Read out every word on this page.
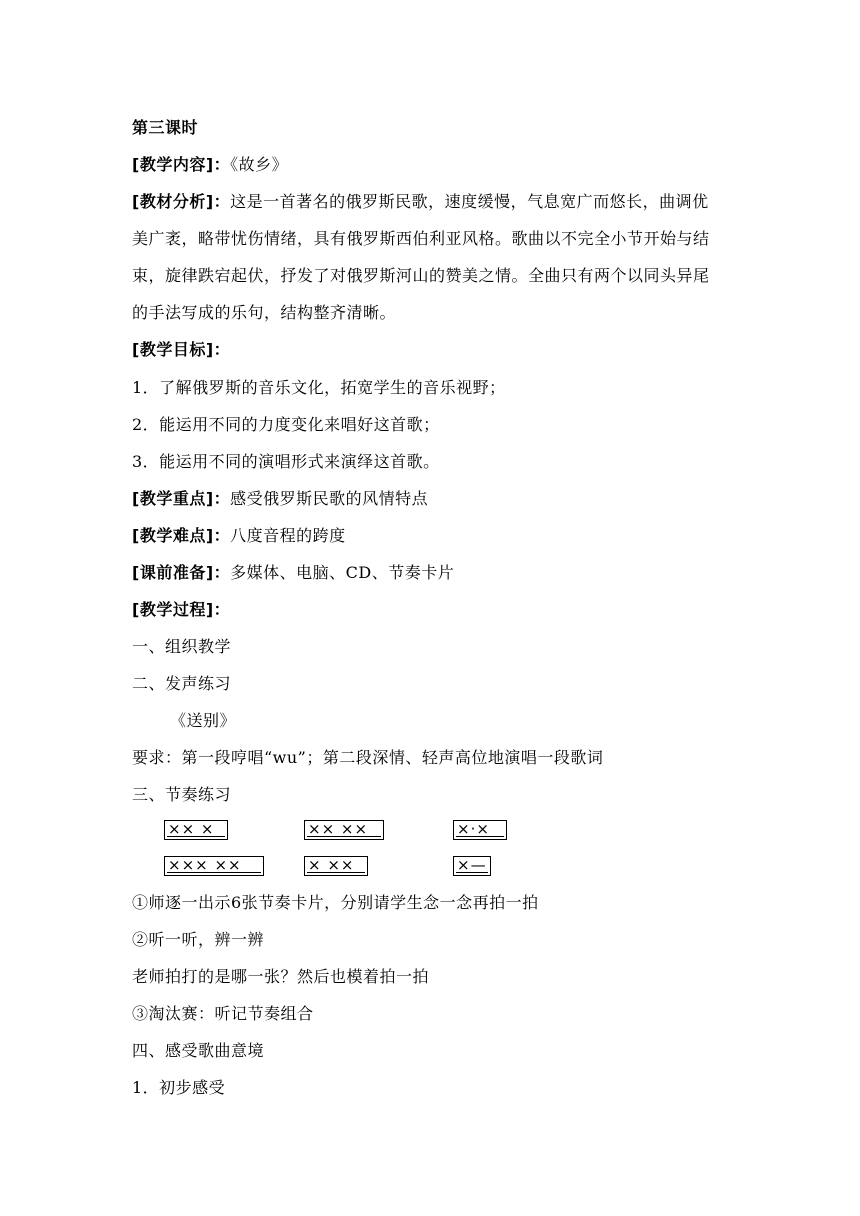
第三课时
[教学内容]：《故乡》
[教材分析]：这是一首著名的俄罗斯民歌，速度缓慢，气息宽广而悠长，曲调优
美广袤，略带忧伤情绪，具有俄罗斯西伯利亚风格。歌曲以不完全小节开始与结
束，旋律跌宕起伏，抒发了对俄罗斯河山的赞美之情。全曲只有两个以同头异尾
的手法写成的乐句，结构整齐清晰。
[教学目标]：
1．了解俄罗斯的音乐文化，拓宽学生的音乐视野；
2．能运用不同的力度变化来唱好这首歌；
3．能运用不同的演唱形式来演绎这首歌。
[教学重点]：感受俄罗斯民歌的风情特点
[教学难点]：八度音程的跨度
[课前准备]：多媒体、电脑、CD、节奏卡片
[教学过程]：
一、组织教学
二、发声练习
《送别》
要求：第一段哼唱“wu”；第二段深情、轻声高位地演唱一段歌词
三、节奏练习
×× ×	×× ××	×·×
××× ××	× ××	×—
①师逐一出示6张节奏卡片，分别请学生念一念再拍一拍
②听一听，辨一辨
老师拍打的是哪一张？然后也模着拍一拍
③淘汰赛：听记节奏组合
四、感受歌曲意境
1．初步感受
